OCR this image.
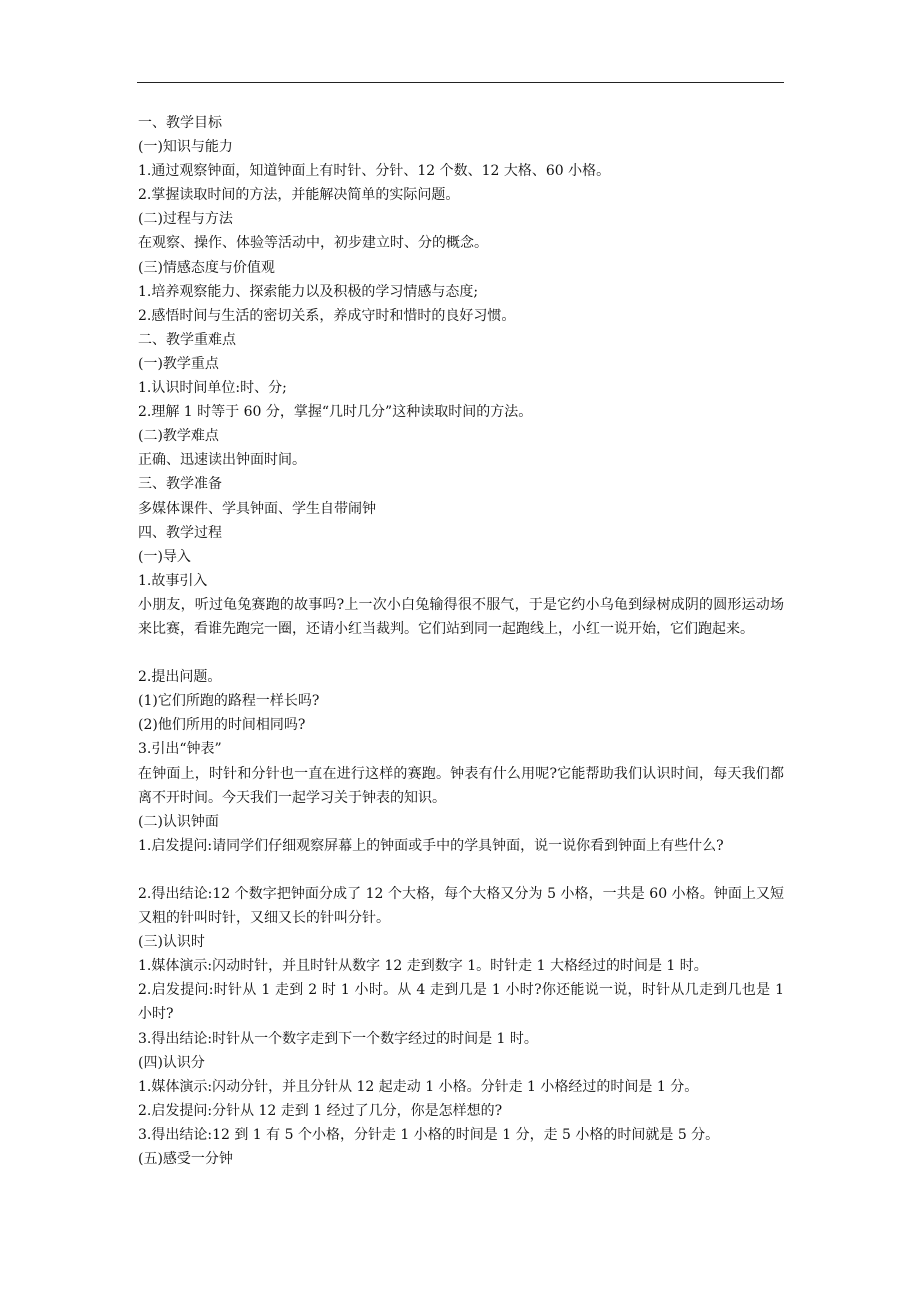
一、教学目标
(一)知识与能力
1.通过观察钟面，知道钟面上有时针、分针、12 个数、12 大格、60 小格。
2.掌握读取时间的方法，并能解决简单的实际问题。
(二)过程与方法
在观察、操作、体验等活动中，初步建立时、分的概念。
(三)情感态度与价值观
1.培养观察能力、探索能力以及积极的学习情感与态度;
2.感悟时间与生活的密切关系，养成守时和惜时的良好习惯。
二、教学重难点
(一)教学重点
1.认识时间单位:时、分;
2.理解 1 时等于 60 分，掌握“几时几分”这种读取时间的方法。
(二)教学难点
正确、迅速读出钟面时间。
三、教学准备
多媒体课件、学具钟面、学生自带闹钟
四、教学过程
(一)导入
1.故事引入
小朋友，听过龟兔赛跑的故事吗?上一次小白兔输得很不服气，于是它约小乌龟到绿树成阴的圆形运动场来比赛，看谁先跑完一圈，还请小红当裁判。它们站到同一起跑线上，小红一说开始，它们跑起来。
2.提出问题。
(1)它们所跑的路程一样长吗?
(2)他们所用的时间相同吗?
3.引出“钟表”
在钟面上，时针和分针也一直在进行这样的赛跑。钟表有什么用呢?它能帮助我们认识时间，每天我们都离不开时间。今天我们一起学习关于钟表的知识。
(二)认识钟面
1.启发提问:请同学们仔细观察屏幕上的钟面或手中的学具钟面，说一说你看到钟面上有些什么?
2.得出结论:12 个数字把钟面分成了 12 个大格，每个大格又分为 5 小格，一共是 60 小格。钟面上又短又粗的针叫时针，又细又长的针叫分针。
(三)认识时
1.媒体演示:闪动时针，并且时针从数字 12 走到数字 1。时针走 1 大格经过的时间是 1 时。
2.启发提问:时针从 1 走到 2 时 1 小时。从 4 走到几是 1 小时?你还能说一说，时针从几走到几也是 1 小时?
3.得出结论:时针从一个数字走到下一个数字经过的时间是 1 时。
(四)认识分
1.媒体演示:闪动分针，并且分针从 12 起走动 1 小格。分针走 1 小格经过的时间是 1 分。
2.启发提问:分针从 12 走到 1 经过了几分，你是怎样想的?
3.得出结论:12 到 1 有 5 个小格，分针走 1 小格的时间是 1 分，走 5 小格的时间就是 5 分。
(五)感受一分钟
